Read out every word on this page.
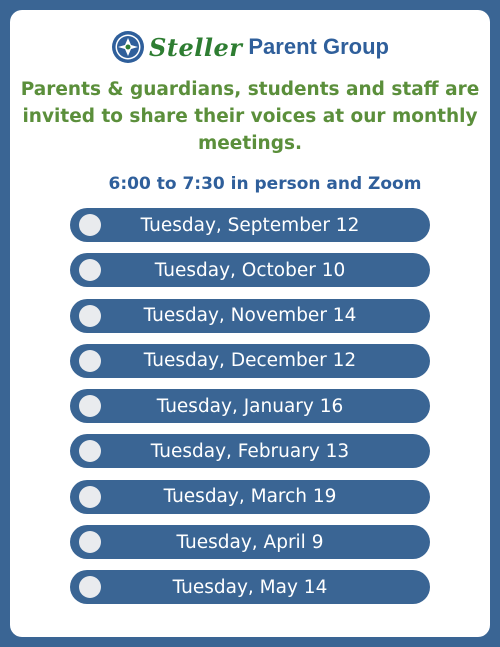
Steller Parent Group
Parents & guardians, students and staff are invited to share their voices at our monthly meetings.
6:00 to 7:30 in person and Zoom
Tuesday, September 12
Tuesday, October 10
Tuesday, November 14
Tuesday, December 12
Tuesday, January 16
Tuesday, February 13
Tuesday, March 19
Tuesday, April 9
Tuesday, May 14
